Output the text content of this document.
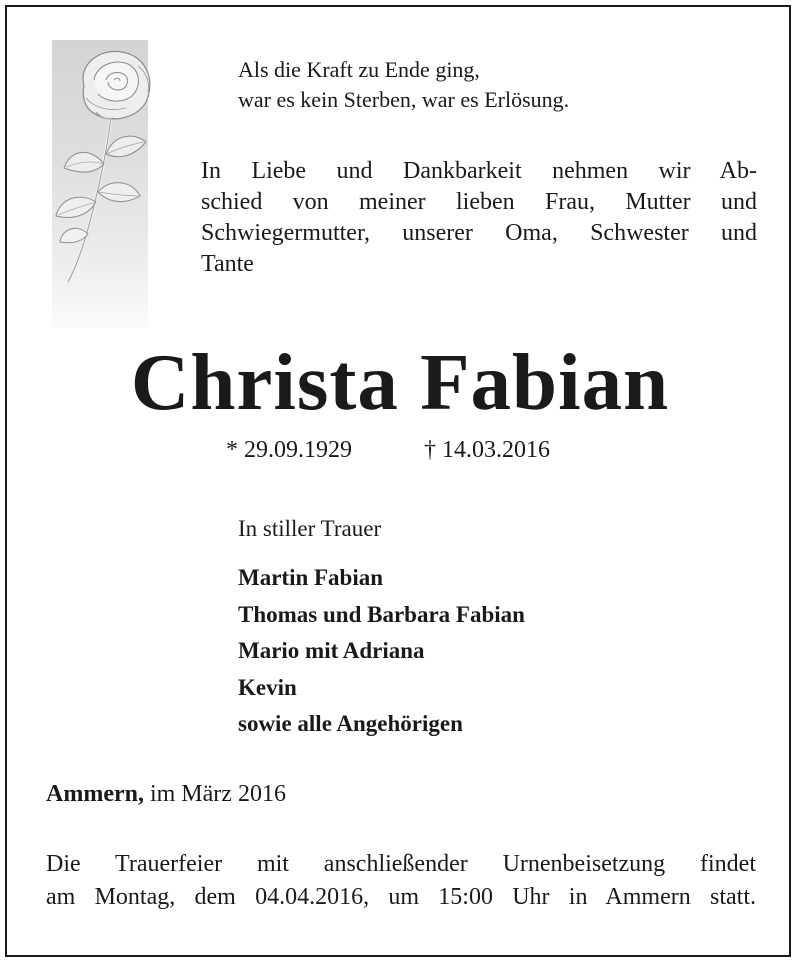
Als die Kraft zu Ende ging,
war es kein Sterben, war es Erlösung.
In Liebe und Dankbarkeit nehmen wir Ab-
schied von meiner lieben Frau, Mutter und
Schwiegermutter, unserer Oma, Schwester und
Tante
Christa Fabian
* 29.09.1929	† 14.03.2016
In stiller Trauer
Martin Fabian
Thomas und Barbara Fabian
Mario mit Adriana
Kevin
sowie alle Angehörigen
Ammern, im März 2016
Die Trauerfeier mit anschließender Urnenbeisetzung findet
am Montag, dem 04.04.2016, um 15:00 Uhr in Ammern statt.
